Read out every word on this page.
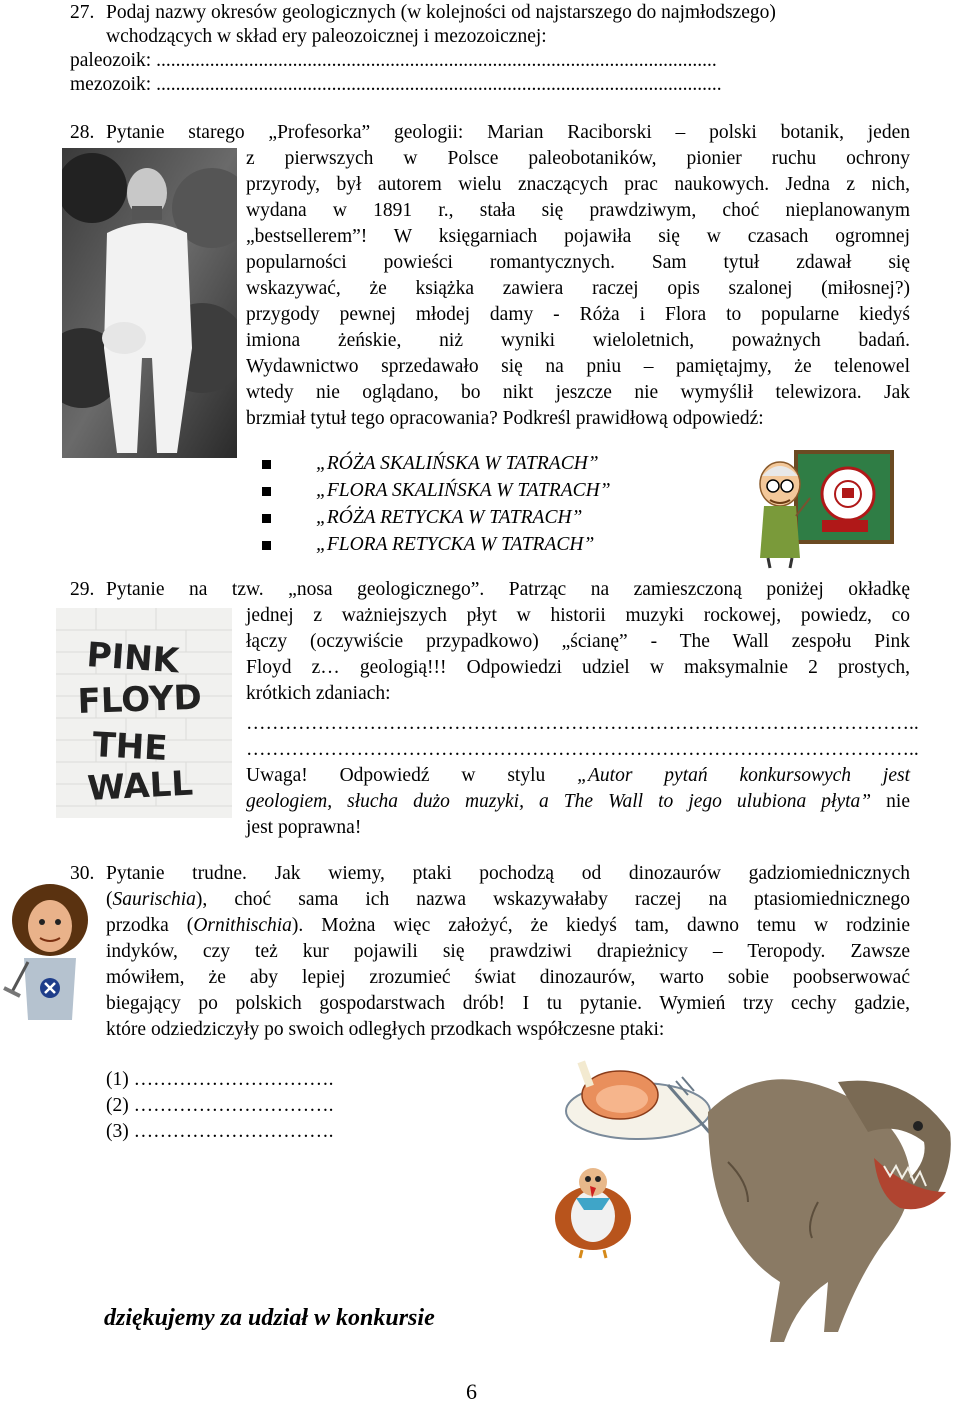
27. Podaj nazwy okresów geologicznych (w kolejności od najstarszego do najmłodszego)
wchodzących w skład ery paleozoicznej i mezozoicznej:
paleozoik: ...................................................................................................................
mezozoik: ....................................................................................................................
28. Pytanie starego „Profesorka” geologii: Marian Raciborski – polski botanik, jeden
z pierwszych w Polsce paleobotaników, pionier ruchu ochrony
przyrody, był autorem wielu znaczących prac naukowych. Jedna z nich,
wydana w 1891 r., stała się prawdziwym, choć nieplanowanym
„bestsellerem”! W księgarniach pojawiła się w czasach ogromnej
popularności powieści romantycznych. Sam tytuł zdawał się
wskazywać, że książka zawiera raczej opis szalonej (miłosnej?)
przygody pewnej młodej damy - Róża i Flora to popularne kiedyś
imiona żeńskie, niż wyniki wieloletnich, poważnych badań.
Wydawnictwo sprzedawało się na pniu – pamiętajmy, że telenowel
wtedy nie oglądano, bo nikt jeszcze nie wymyślił telewizora. Jak
brzmiał tytuł tego opracowania? Podkreśl prawidłową odpowiedź:
„RÓŻA SKALIŃSKA W TATRACH”
„FLORA SKALIŃSKA W TATRACH”
„RÓŻA RETYCKA W TATRACH”
„FLORA RETYCKA W TATRACH”
29. Pytanie na tzw. „nosa geologicznego”. Patrząc na zamieszczoną poniżej okładkę
PINK
FLOYD
THE
WALL
jednej z ważniejszych płyt w historii muzyki rockowej, powiedz, co
łączy (oczywiście przypadkowo) „ścianę” - The Wall zespołu Pink
Floyd z… geologią!!! Odpowiedzi udziel w maksymalnie 2 prostych,
krótkich zdaniach:
…………………………………………………………………………………………..
…………………………………………………………………………………………..
Uwaga! Odpowiedź w stylu „Autor pytań konkursowych jest
geologiem, słucha dużo muzyki, a The Wall to jego ulubiona płyta” nie
jest poprawna!
30. Pytanie trudne. Jak wiemy, ptaki pochodzą od dinozaurów gadziomiednicznych
(Saurischia), choć sama ich nazwa wskazywałaby raczej na ptasiomiednicznego
przodka (Ornithischia). Można więc założyć, że kiedyś tam, dawno temu w rodzinie
indyków, czy też kur pojawili się prawdziwi drapieżnicy – Teropody. Zawsze
mówiłem, że aby lepiej zrozumieć świat dinozaurów, warto sobie poobserwować
biegający po polskich gospodarstwach drób! I tu pytanie. Wymień trzy cechy gadzie,
które odziedziczyły po swoich odległych przodkach współczesne ptaki:
(1) ………………………….
(2) ………………………….
(3) ………………………….
dziękujemy za udział w konkursie
6
